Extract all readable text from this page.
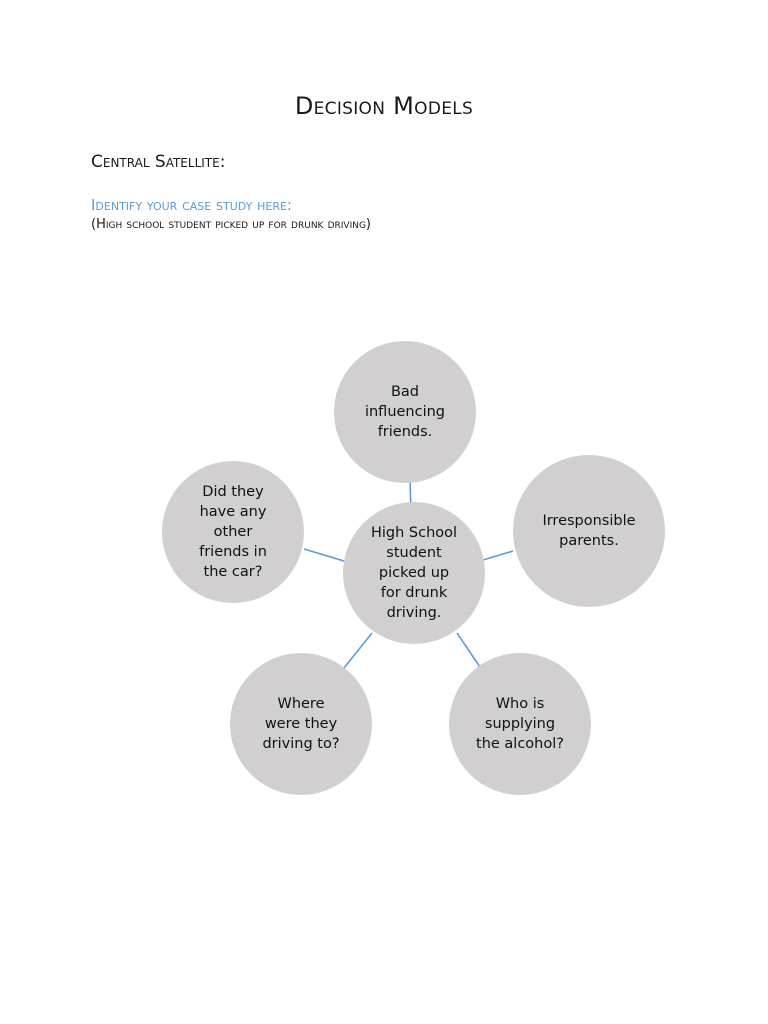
Decision Models
Central Satellite:

Identify your case study here:

(High school student picked up for drunk driving)

High School
student
picked up
for drunk
driving.
Bad
influencing
friends.
Irresponsible
parents.
Who is
supplying
the alcohol?
Where
were they
driving to?
Did they
have any
other
friends in
the car?
